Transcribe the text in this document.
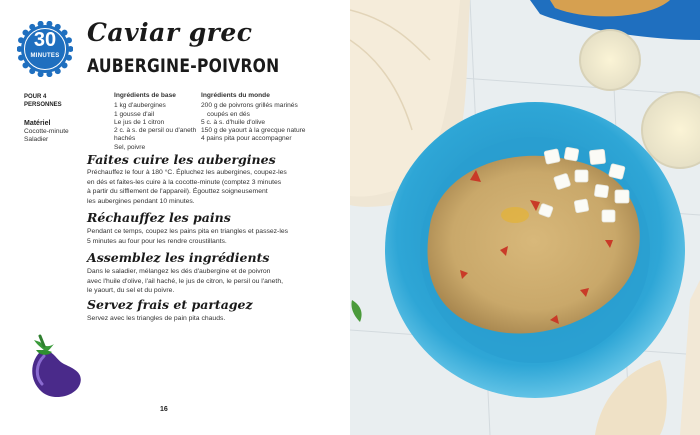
30
MINUTES
Caviar grec
AUBERGINE-POIVRON
POUR 4 PERSONNES
Matériel
Cocotte-minute
Saladier
Ingrédients de base
1 kg d'aubergines
1 gousse d'ail
Le jus de 1 citron
2 c. à s. de persil ou d'aneth hachés
Sel, poivre
Ingrédients du monde
200 g de poivrons grillés marinés
coupés en dés
5 c. à s. d'huile d'olive
150 g de yaourt à la grecque nature
4 pains pita pour accompagner
Faites cuire les aubergines
Préchauffez le four à 180 °C. Épluchez les aubergines, coupez-les
en dés et faites-les cuire à la cocotte-minute (comptez 3 minutes
à partir du sifflement de l'appareil). Égouttez soigneusement
les aubergines pendant 10 minutes.
Réchauffez les pains
Pendant ce temps, coupez les pains pita en triangles et passez-les
5 minutes au four pour les rendre croustillants.
Assemblez les ingrédients
Dans le saladier, mélangez les dés d'aubergine et de poivron
avec l'huile d'olive, l'ail haché, le jus de citron, le persil ou l'aneth,
le yaourt, du sel et du poivre.
Servez frais et partagez
Servez avec les triangles de pain pita chauds.
16
